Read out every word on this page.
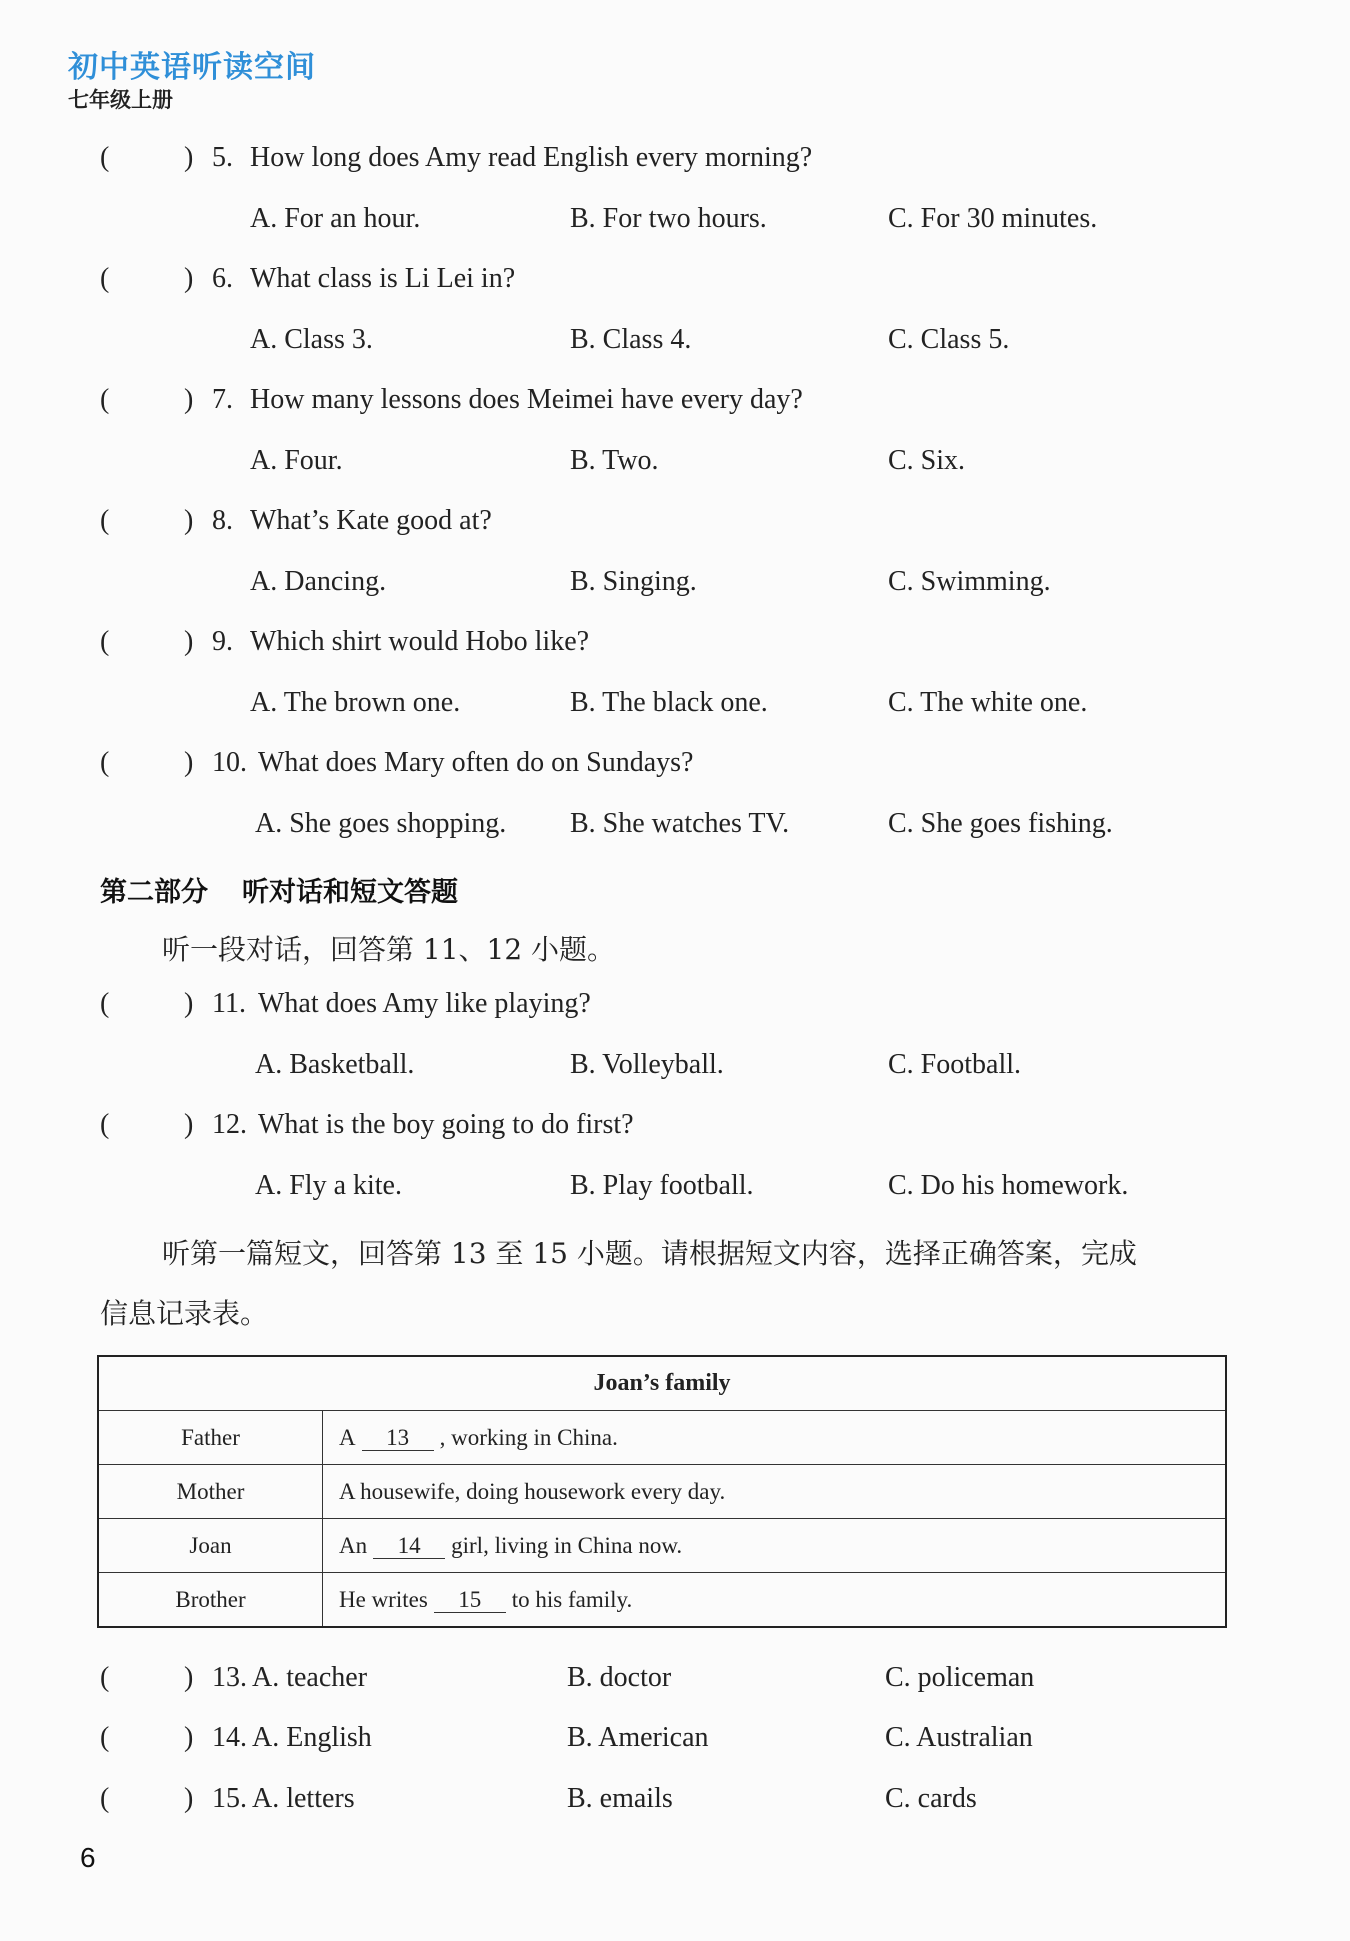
初中英语听读空间
七年级上册
(	) 5. How long does Amy read English every morning?
A. For an hour.	B. For two hours.	C. For 30 minutes.
(	) 6. What class is Li Lei in?
A. Class 3.	B. Class 4.	C. Class 5.
(	) 7. How many lessons does Meimei have every day?
A. Four.	B. Two.	C. Six.
(	) 8. What’s Kate good at?
A. Dancing.	B. Singing.	C. Swimming.
(	) 9. Which shirt would Hobo like?
A. The brown one.	B. The black one.	C. The white one.
(	) 10. What does Mary often do on Sundays?
A. She goes shopping. B. She watches TV.	C. She goes fishing.
第二部分 听对话和短文答题
听一段对话，回答第 11、12 小题。
(	) 11. What does Amy like playing?
A. Basketball.	B. Volleyball.	C. Football.
(	) 12. What is the boy going to do first?
A. Fly a kite.	B. Play football.	C. Do his homework.
听第一篇短文，回答第 13 至 15 小题。请根据短文内容，选择正确答案，完成
信息记录表。
Joan’s family	
Father	A 13 , working in China.
Mother	A housewife, doing housework every day.
Joan	An 14 girl, living in China now.
Brother	He writes 15 to his family.
(	) 13. A. teacher	B. doctor	C. policeman
(	) 14. A. English	B. American	C. Australian
(	) 15. A. letters	B. emails	C. cards
6
